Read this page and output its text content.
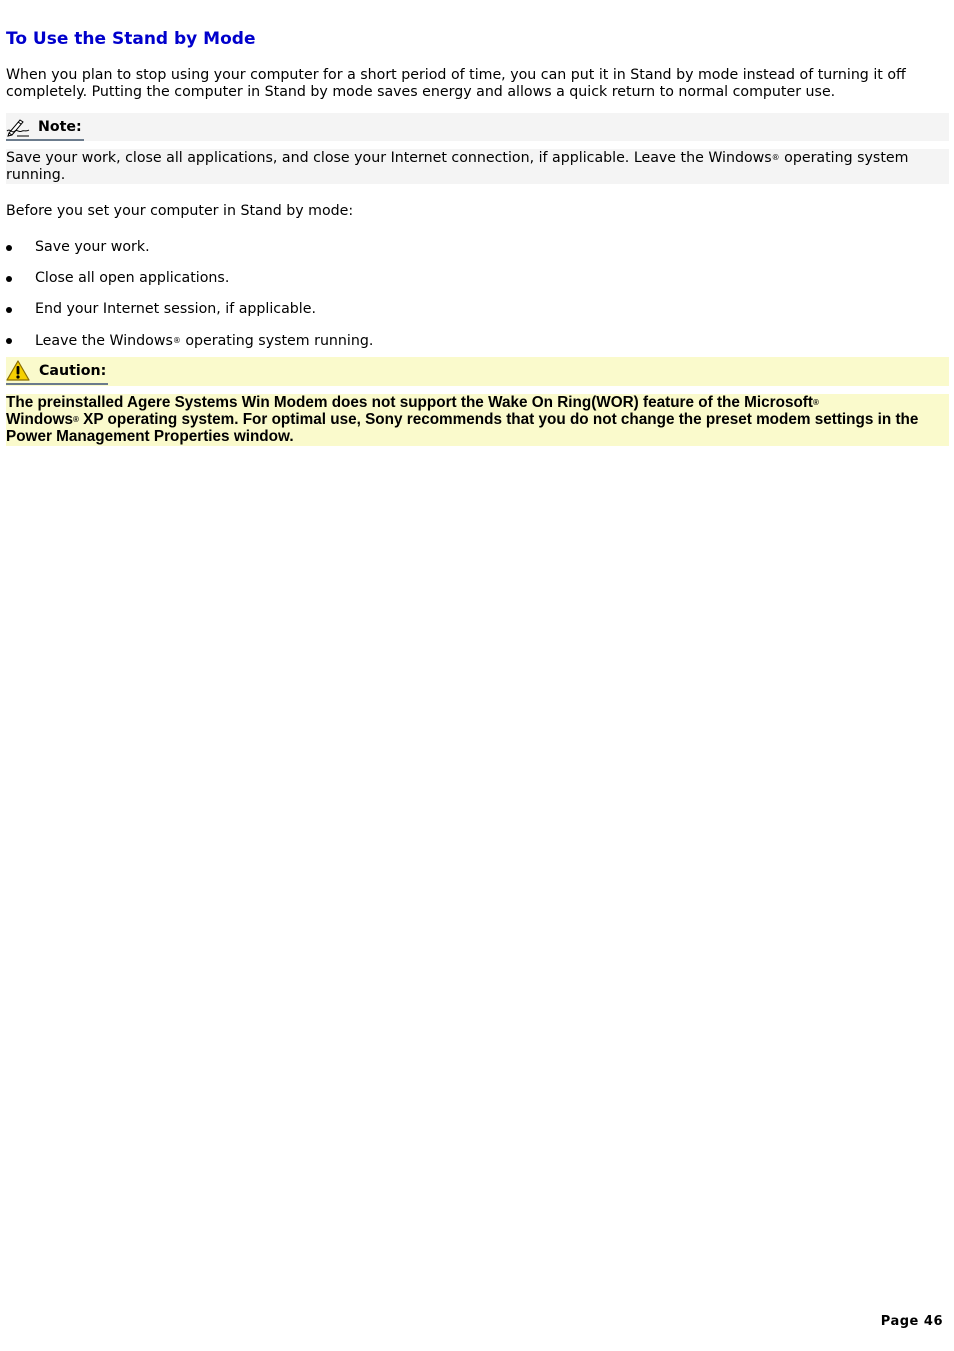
To Use the Stand by Mode

When you plan to stop using your computer for a short period of time, you can put it in Stand by mode instead of turning it off completely. Putting the computer in Stand by mode saves energy and allows a quick return to normal computer use.

Note:
Save your work, close all applications, and close your Internet connection, if applicable. Leave the Windows® operating system running.

Before you set your computer in Stand by mode:

Save your work.
Close all open applications.
End your Internet session, if applicable.
Leave the Windows® operating system running.
Caution:
The preinstalled Agere Systems Win Modem does not support the Wake On Ring(WOR) feature of the Microsoft®
Windows® XP operating system. For optimal use, Sony recommends that you do not change the preset modem settings in the Power Management Properties window.
Page 46
